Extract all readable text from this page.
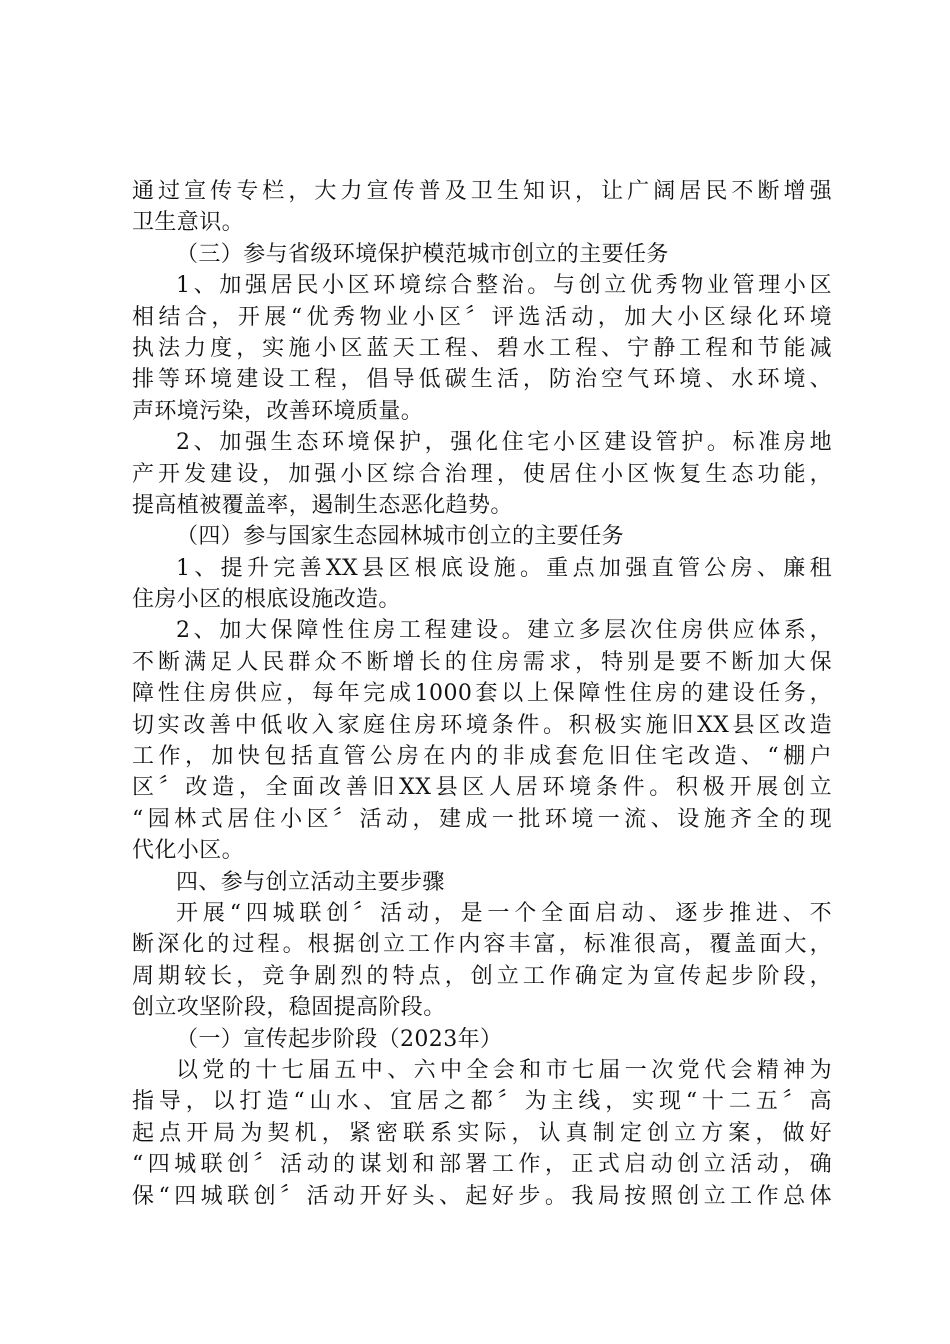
通过宣传专栏，大力宣传普及卫生知识，让广阔居民不断增强
卫生意识。
（三）参与省级环境保护模范城市创立的主要任务
1、加强居民小区环境综合整治。与创立优秀物业管理小区
相结合，开展“优秀物业小区〞评选活动，加大小区绿化环境
执法力度，实施小区蓝天工程、碧水工程、宁静工程和节能减
排等环境建设工程，倡导低碳生活，防治空气环境、水环境、
声环境污染，改善环境质量。
2、加强生态环境保护，强化住宅小区建设管护。标准房地
产开发建设，加强小区综合治理，使居住小区恢复生态功能，
提高植被覆盖率，遏制生态恶化趋势。
（四）参与国家生态园林城市创立的主要任务
1、提升完善XX县区根底设施。重点加强直管公房、廉租
住房小区的根底设施改造。
2、加大保障性住房工程建设。建立多层次住房供应体系，
不断满足人民群众不断增长的住房需求，特别是要不断加大保
障性住房供应，每年完成1000套以上保障性住房的建设任务，
切实改善中低收入家庭住房环境条件。积极实施旧XX县区改造
工作，加快包括直管公房在内的非成套危旧住宅改造、“棚户
区〞改造，全面改善旧XX县区人居环境条件。积极开展创立
“园林式居住小区〞活动，建成一批环境一流、设施齐全的现
代化小区。
四、参与创立活动主要步骤
开展“四城联创〞活动，是一个全面启动、逐步推进、不
断深化的过程。根据创立工作内容丰富，标准很高，覆盖面大，
周期较长，竞争剧烈的特点，创立工作确定为宣传起步阶段，
创立攻坚阶段，稳固提高阶段。
（一）宣传起步阶段（2023年）
以党的十七届五中、六中全会和市七届一次党代会精神为
指导，以打造“山水、宜居之都〞为主线，实现“十二五〞高
起点开局为契机，紧密联系实际，认真制定创立方案，做好
“四城联创〞活动的谋划和部署工作，正式启动创立活动，确
保“四城联创〞活动开好头、起好步。我局按照创立工作总体
